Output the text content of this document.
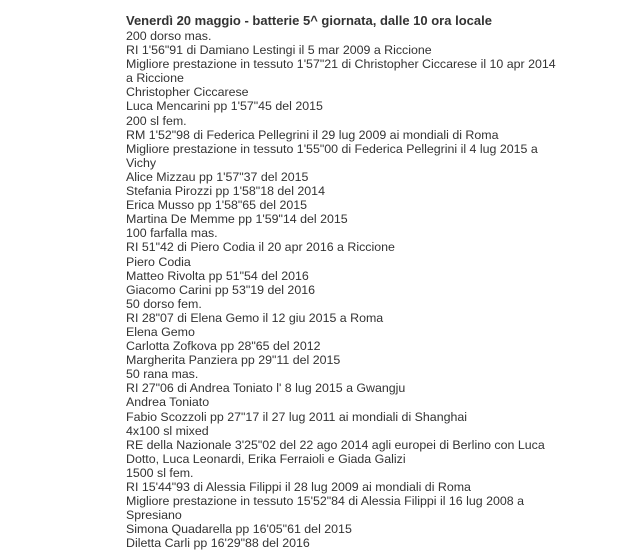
Venerdì 20 maggio - batterie 5^ giornata, dalle 10 ora locale
200 dorso mas.
RI 1'56"91 di Damiano Lestingi il 5 mar 2009 a Riccione
Migliore prestazione in tessuto 1'57"21 di Christopher Ciccarese il 10 apr 2014 a Riccione
Christopher Ciccarese
Luca Mencarini pp 1'57"45 del 2015
200 sl fem.
RM 1'52"98 di Federica Pellegrini il 29 lug 2009 ai mondiali di Roma
Migliore prestazione in tessuto 1'55"00 di Federica Pellegrini il 4 lug 2015 a Vichy
Alice Mizzau pp 1'57"37 del 2015
Stefania Pirozzi pp 1'58"18 del 2014
Erica Musso pp 1'58"65 del 2015
Martina De Memme pp 1'59"14 del 2015
100 farfalla mas.
RI 51"42 di Piero Codia il 20 apr 2016 a Riccione
Piero Codia
Matteo Rivolta pp 51"54 del 2016
Giacomo Carini pp 53"19 del 2016
50 dorso fem.
RI 28"07 di Elena Gemo il 12 giu 2015 a Roma
Elena Gemo
Carlotta Zofkova pp 28"65 del 2012
Margherita Panziera pp 29"11 del 2015
50 rana mas.
RI 27"06 di Andrea Toniato l' 8 lug 2015 a Gwangju
Andrea Toniato
Fabio Scozzoli pp 27"17 il 27 lug 2011 ai mondiali di Shanghai
4x100 sl mixed
RE della Nazionale 3'25"02 del 22 ago 2014 agli europei di Berlino con Luca Dotto, Luca Leonardi, Erika Ferraioli e Giada Galizi
1500 sl fem.
RI 15'44"93 di Alessia Filippi il 28 lug 2009 ai mondiali di Roma
Migliore prestazione in tessuto 15'52"84 di Alessia Filippi il 16 lug 2008 a Spresiano
Simona Quadarella pp 16'05"61 del 2015
Diletta Carli pp 16'29"88 del 2016
